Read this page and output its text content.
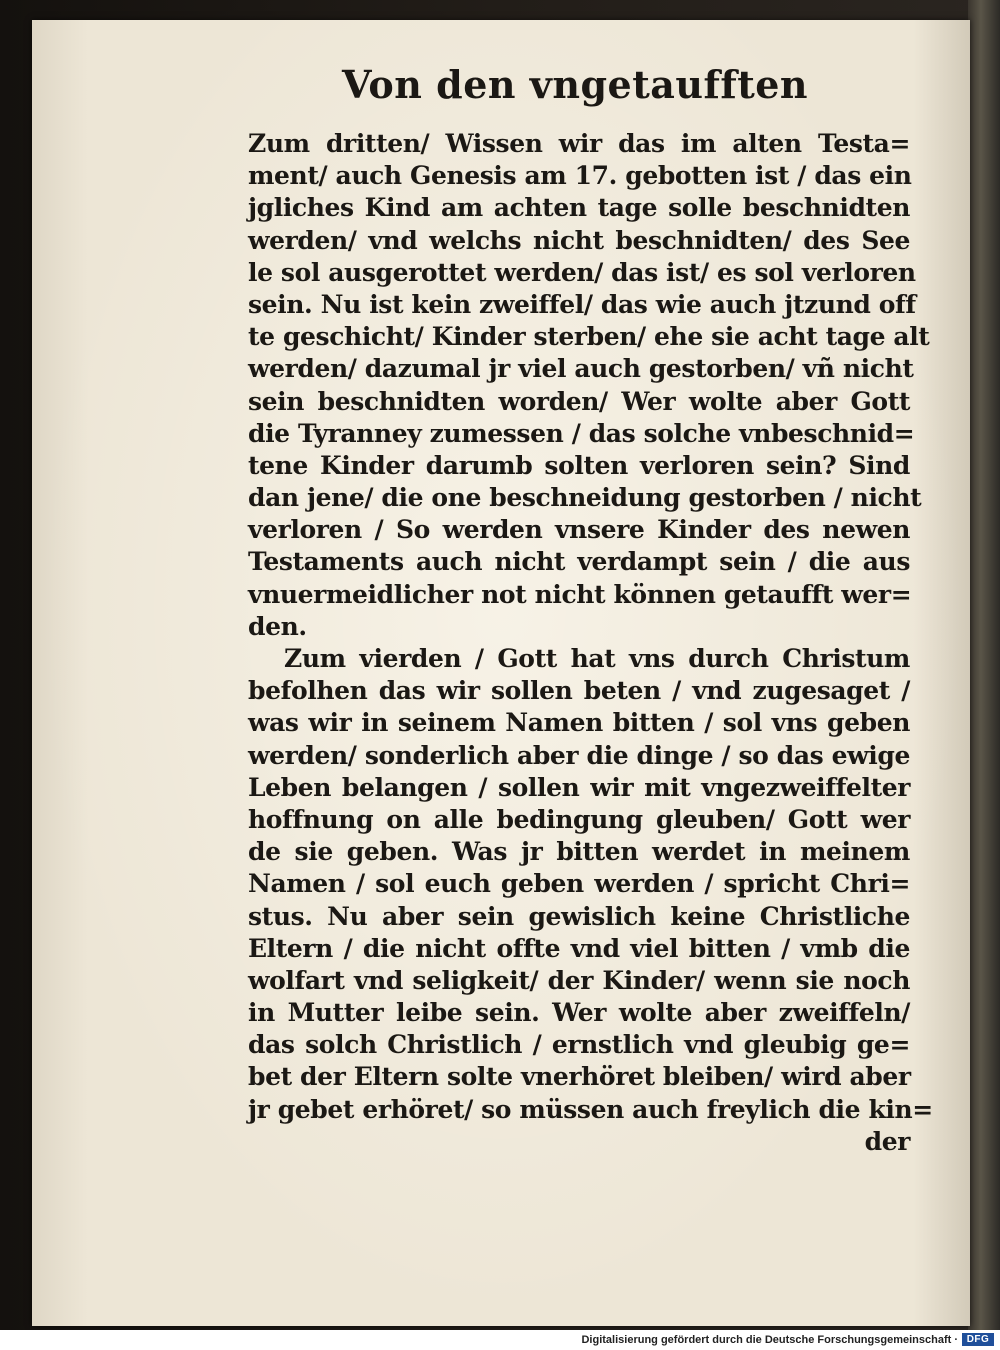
Von den vngetaufften
Zum dritten/ Wissen wir das im alten Testa=
ment/ auch Genesis am 17. gebotten ist / das ein
jgliches Kind am achten tage solle beschnidten
werden/ vnd welchs nicht beschnidten/ des See
le sol ausgerottet werden/ das ist/ es sol verloren
sein. Nu ist kein zweiffel/ das wie auch jtzund off
te geschicht/ Kinder sterben/ ehe sie acht tage alt
werden/ dazumal jr viel auch gestorben/ vñ nicht
sein beschnidten worden/ Wer wolte aber Gott
die Tyranney zumessen / das solche vnbeschnid=
tene Kinder darumb solten verloren sein? Sind
dan jene/ die one beschneidung gestorben / nicht
verloren / So werden vnsere Kinder des newen
Testaments auch nicht verdampt sein / die aus
vnuermeidlicher not nicht können getaufft wer=
den.
Zum vierden / Gott hat vns durch Christum
befolhen das wir sollen beten / vnd zugesaget /
was wir in seinem Namen bitten / sol vns geben
werden/ sonderlich aber die dinge / so das ewige
Leben belangen / sollen wir mit vngezweiffelter
hoffnung on alle bedingung gleuben/ Gott wer
de sie geben. Was jr bitten werdet in meinem
Namen / sol euch geben werden / spricht Chri=
stus. Nu aber sein gewislich keine Christliche
Eltern / die nicht offte vnd viel bitten / vmb die
wolfart vnd seligkeit/ der Kinder/ wenn sie noch
in Mutter leibe sein. Wer wolte aber zweiffeln/
das solch Christlich / ernstlich vnd gleubig ge=
bet der Eltern solte vnerhöret bleiben/ wird aber
jr gebet erhöret/ so müssen auch freylich die kin=
der
Digitalisierung gefördert durch die Deutsche Forschungsgemeinschaft · DFG
